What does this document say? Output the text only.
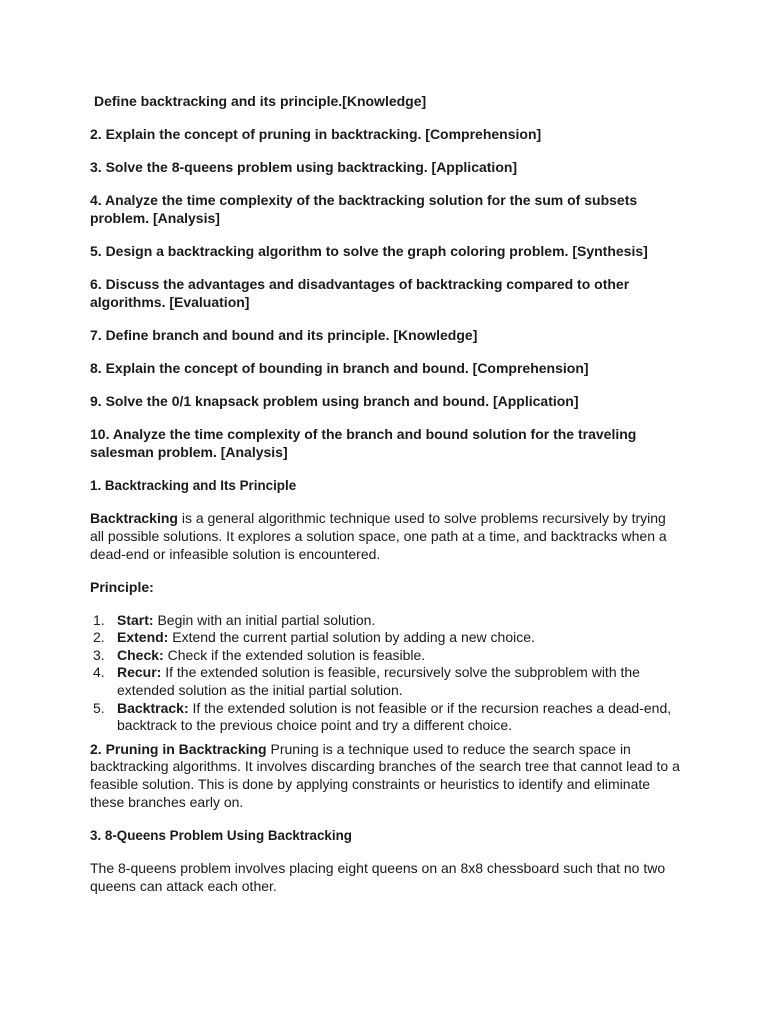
Define backtracking and its principle.[Knowledge]
2. Explain the concept of pruning in backtracking. [Comprehension]
3. Solve the 8-queens problem using backtracking. [Application]
4. Analyze the time complexity of the backtracking solution for the sum of subsets problem. [Analysis]
5. Design a backtracking algorithm to solve the graph coloring problem. [Synthesis]
6. Discuss the advantages and disadvantages of backtracking compared to other algorithms. [Evaluation]
7. Define branch and bound and its principle. [Knowledge]
8. Explain the concept of bounding in branch and bound. [Comprehension]
9. Solve the 0/1 knapsack problem using branch and bound. [Application]
10. Analyze the time complexity of the branch and bound solution for the traveling salesman problem. [Analysis]
1. Backtracking and Its Principle
Backtracking is a general algorithmic technique used to solve problems recursively by trying all possible solutions. It explores a solution space, one path at a time, and backtracks when a dead-end or infeasible solution is encountered.
Principle:
1. Start: Begin with an initial partial solution.
2. Extend: Extend the current partial solution by adding a new choice.
3. Check: Check if the extended solution is feasible.
4. Recur: If the extended solution is feasible, recursively solve the subproblem with the extended solution as the initial partial solution.
5. Backtrack: If the extended solution is not feasible or if the recursion reaches a dead-end, backtrack to the previous choice point and try a different choice.
2. Pruning in Backtracking Pruning is a technique used to reduce the search space in backtracking algorithms. It involves discarding branches of the search tree that cannot lead to a feasible solution. This is done by applying constraints or heuristics to identify and eliminate these branches early on.
3. 8-Queens Problem Using Backtracking
The 8-queens problem involves placing eight queens on an 8x8 chessboard such that no two queens can attack each other.
